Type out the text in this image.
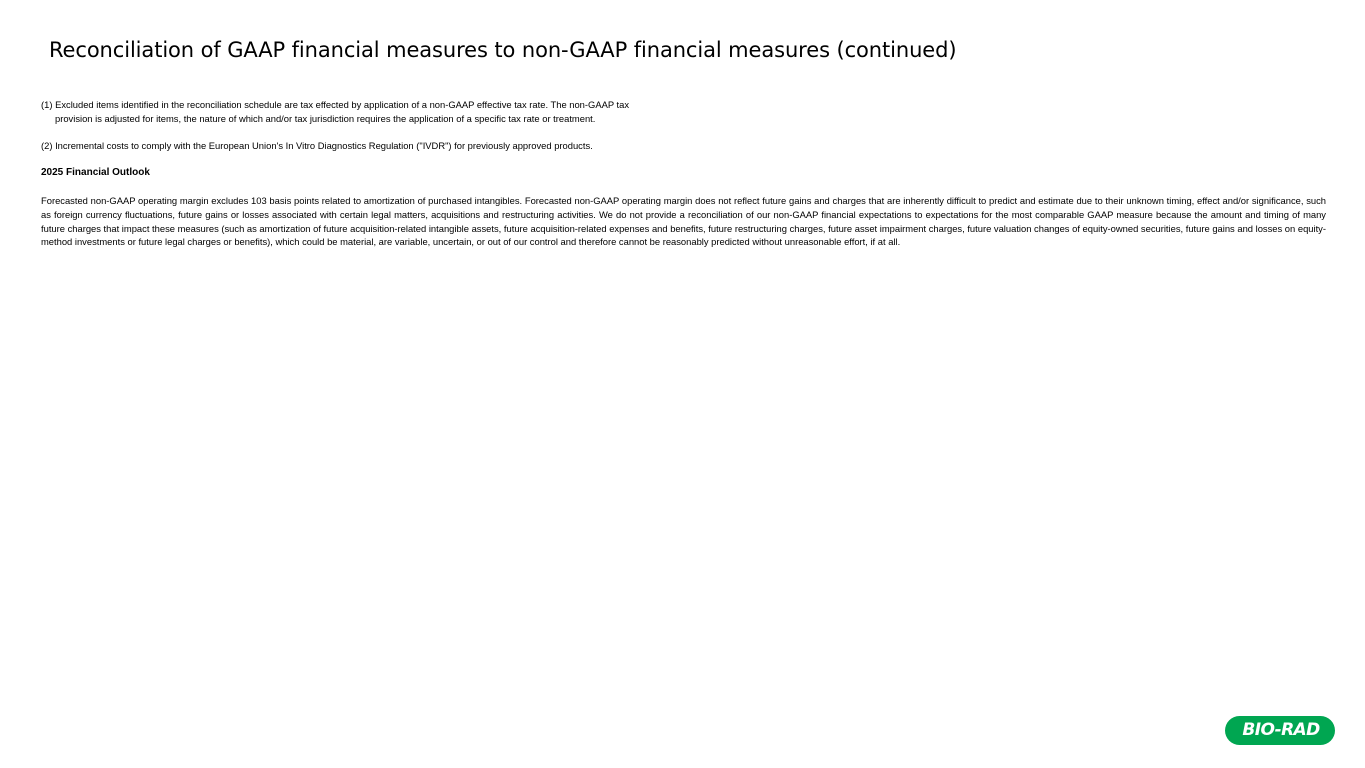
Reconciliation of GAAP financial measures to non-GAAP financial measures (continued)

(1) Excluded items identified in the reconciliation schedule are tax effected by application of a non-GAAP effective tax rate. The non-GAAP tax
provision is adjusted for items, the nature of which and/or tax jurisdiction requires the application of a specific tax rate or treatment.

(2) Incremental costs to comply with the European Union's In Vitro Diagnostics Regulation ("IVDR") for previously approved products.

2025 Financial Outlook

Forecasted non-GAAP operating margin excludes 103 basis points related to amortization of purchased intangibles. Forecasted non-GAAP operating margin does not reflect future gains and charges that are inherently difficult to predict and estimate due to their unknown timing, effect and/or significance, such as foreign currency fluctuations, future gains or losses associated with certain legal matters, acquisitions and restructuring activities. We do not provide a reconciliation of our non-GAAP financial expectations to expectations for the most comparable GAAP measure because the amount and timing of many future charges that impact these measures (such as amortization of future acquisition-related intangible assets, future acquisition-related expenses and benefits, future restructuring charges, future asset impairment charges, future valuation changes of equity-owned securities, future gains and losses on equity-method investments or future legal charges or benefits), which could be material, are variable, uncertain, or out of our control and therefore cannot be reasonably predicted without unreasonable effort, if at all.

BIO-RAD
